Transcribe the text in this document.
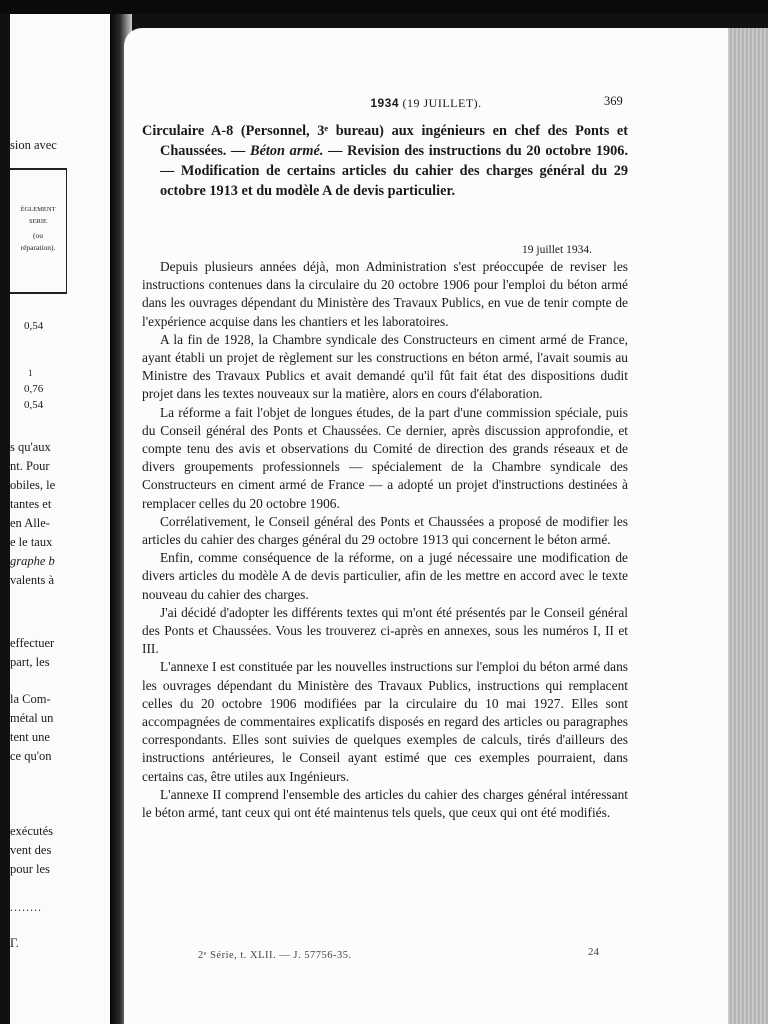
sion avec
ÈGLEMENT
SERIE
(ou
réparation).
0,54
1
0,76
0,54
s qu'aux
nt. Pour
obiles, le
tantes et
en Alle-
e le taux
graphe b
valents à
effectuer
part, les
la Com-
métal un
tent une
ce qu'on
exécutés
vent des
pour les
........
Γ.
1934 (19 JUILLET).	369
Circulaire A-8 (Personnel, 3ᵉ bureau) aux ingénieurs en chef des Ponts et Chaussées. — Béton armé. — Revision des instructions du 20 octobre 1906. — Modification de certains articles du cahier des charges général du 29 octobre 1913 et du modèle A de devis particulier.
19 juillet 1934.

Depuis plusieurs années déjà, mon Administration s'est préoccupée de reviser les instructions contenues dans la circulaire du 20 octobre 1906 pour l'emploi du béton armé dans les ouvrages dépendant du Ministère des Travaux Publics, en vue de tenir compte de l'expérience acquise dans les chantiers et les laboratoires.

A la fin de 1928, la Chambre syndicale des Constructeurs en ciment armé de France, ayant établi un projet de règlement sur les constructions en béton armé, l'avait soumis au Ministre des Travaux Publics et avait demandé qu'il fût fait état des dispositions dudit projet dans les textes nouveaux sur la matière, alors en cours d'élaboration.

La réforme a fait l'objet de longues études, de la part d'une commission spéciale, puis du Conseil général des Ponts et Chaussées. Ce dernier, après discussion approfondie, et compte tenu des avis et observations du Comité de direction des grands réseaux et de divers groupements professionnels — spécialement de la Chambre syndicale des Constructeurs en ciment armé de France — a adopté un projet d'instructions destinées à remplacer celles du 20 octobre 1906.

Corrélativement, le Conseil général des Ponts et Chaussées a proposé de modifier les articles du cahier des charges général du 29 octobre 1913 qui concernent le béton armé.

Enfin, comme conséquence de la réforme, on a jugé nécessaire une modification de divers articles du modèle A de devis particulier, afin de les mettre en accord avec le texte nouveau du cahier des charges.

J'ai décidé d'adopter les différents textes qui m'ont été présentés par le Conseil général des Ponts et Chaussées. Vous les trouverez ci-après en annexes, sous les numéros I, II et III.

L'annexe I est constituée par les nouvelles instructions sur l'emploi du béton armé dans les ouvrages dépendant du Ministère des Travaux Publics, instructions qui remplacent celles du 20 octobre 1906 modifiées par la circulaire du 10 mai 1927. Elles sont accompagnées de commentaires explicatifs disposés en regard des articles ou paragraphes correspondants. Elles sont suivies de quelques exemples de calculs, tirés d'ailleurs des instructions antérieures, le Conseil ayant estimé que ces exemples pourraient, dans certains cas, être utiles aux Ingénieurs.

L'annexe II comprend l'ensemble des articles du cahier des charges général intéressant le béton armé, tant ceux qui ont été maintenus tels quels, que ceux qui ont été modifiés.

2ᵉ Série, t. XLII. — J. 57756-35.	24
